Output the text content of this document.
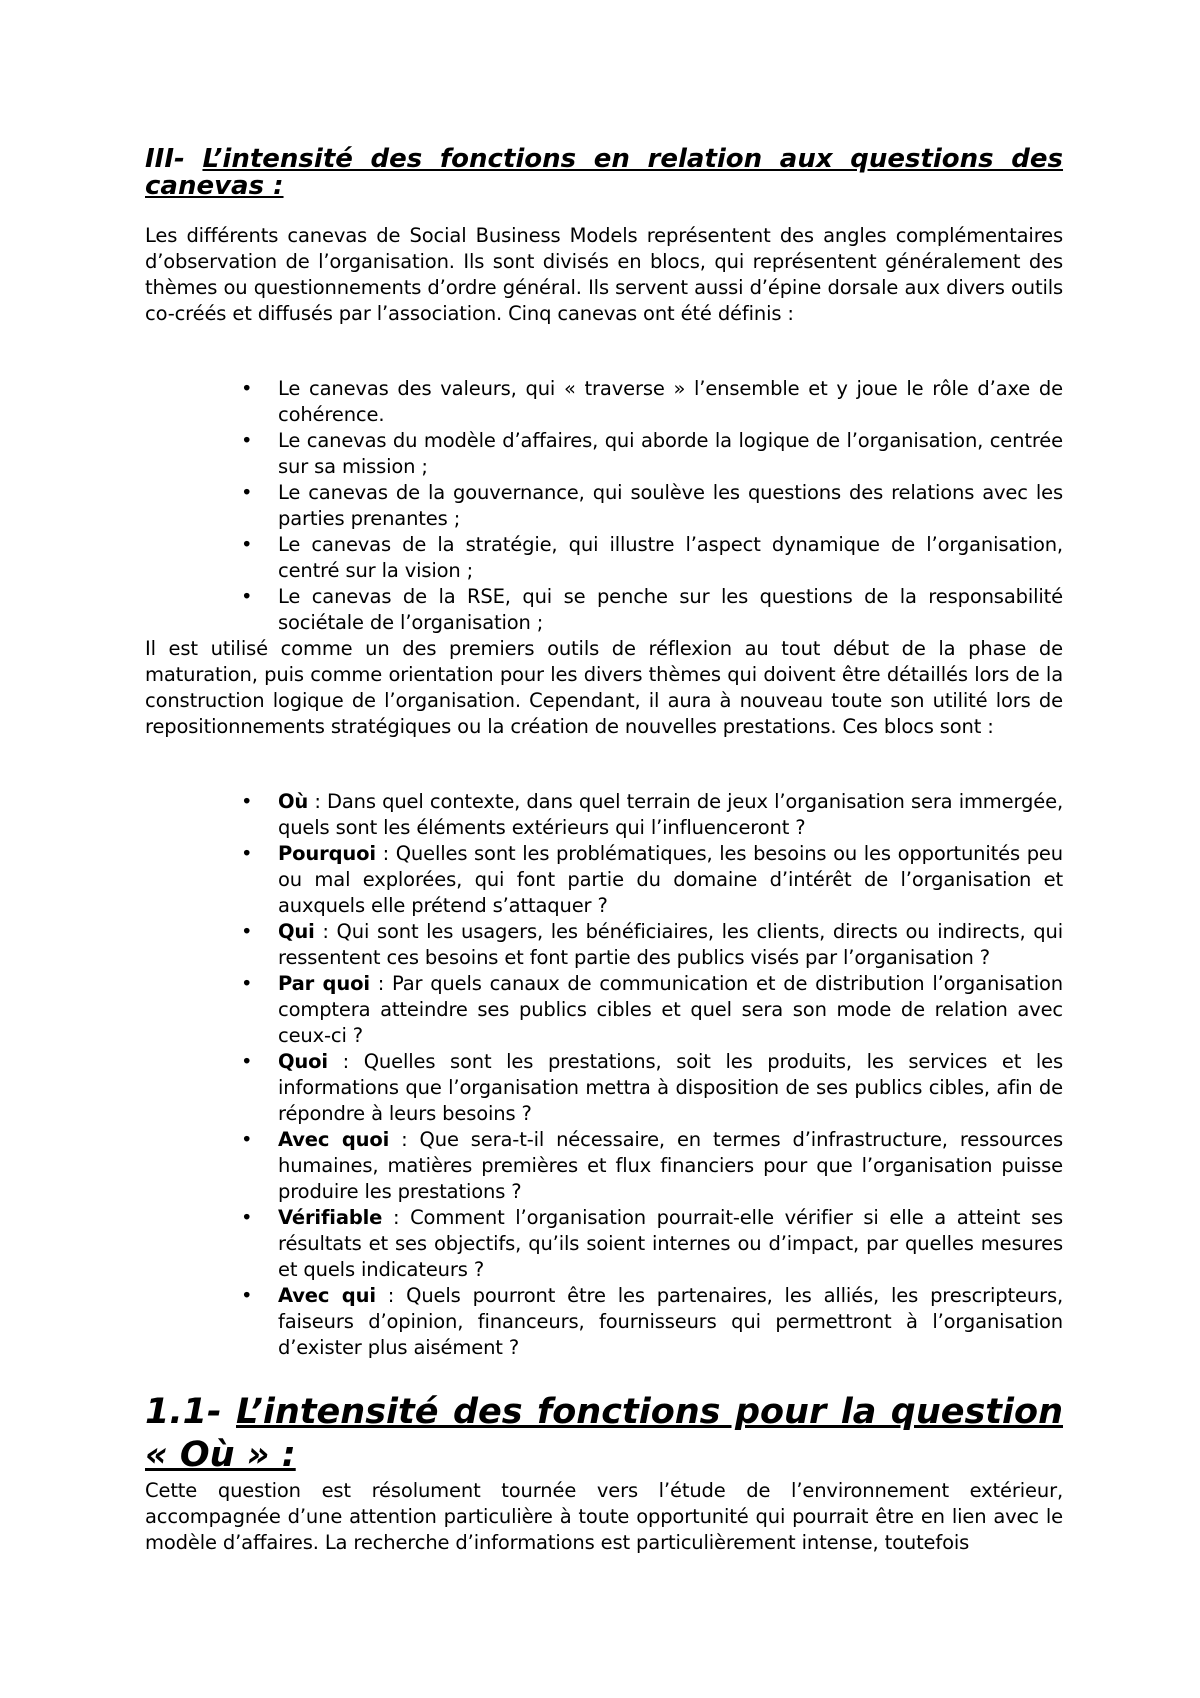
III- L’intensité des fonctions en relation aux questions des canevas :

Les différents canevas de Social Business Models représentent des angles complémentaires d’observation de l’organisation. Ils sont divisés en blocs, qui représentent généralement des thèmes ou questionnements d’ordre général. Ils servent aussi d’épine dorsale aux divers outils co-créés et diffusés par l’association. Cinq canevas ont été définis :

• Le canevas des valeurs, qui « traverse » l’ensemble et y joue le rôle d’axe de cohérence.
• Le canevas du modèle d’affaires, qui aborde la logique de l’organisation, centrée sur sa mission ;
• Le canevas de la gouvernance, qui soulève les questions des relations avec les parties prenantes ;
• Le canevas de la stratégie, qui illustre l’aspect dynamique de l’organisation, centré sur la vision ;
• Le canevas de la RSE, qui se penche sur les questions de la responsabilité sociétale de l’organisation ;

Il est utilisé comme un des premiers outils de réflexion au tout début de la phase de maturation, puis comme orientation pour les divers thèmes qui doivent être détaillés lors de la construction logique de l’organisation. Cependant, il aura à nouveau toute son utilité lors de repositionnements stratégiques ou la création de nouvelles prestations. Ces blocs sont :

• Où : Dans quel contexte, dans quel terrain de jeux l’organisation sera immergée, quels sont les éléments extérieurs qui l’influenceront ?
• Pourquoi : Quelles sont les problématiques, les besoins ou les opportunités peu ou mal explorées, qui font partie du domaine d’intérêt de l’organisation et auxquels elle prétend s’attaquer ?
• Qui : Qui sont les usagers, les bénéficiaires, les clients, directs ou indirects, qui ressentent ces besoins et font partie des publics visés par l’organisation ?
• Par quoi : Par quels canaux de communication et de distribution l’organisation comptera atteindre ses publics cibles et quel sera son mode de relation avec ceux-ci ?
• Quoi : Quelles sont les prestations, soit les produits, les services et les informations que l’organisation mettra à disposition de ses publics cibles, afin de répondre à leurs besoins ?
• Avec quoi : Que sera-t-il nécessaire, en termes d’infrastructure, ressources humaines, matières premières et flux financiers pour que l’organisation puisse produire les prestations ?
• Vérifiable : Comment l’organisation pourrait-elle vérifier si elle a atteint ses résultats et ses objectifs, qu’ils soient internes ou d’impact, par quelles mesures et quels indicateurs ?
• Avec qui : Quels pourront être les partenaires, les alliés, les prescripteurs, faiseurs d’opinion, financeurs, fournisseurs qui permettront à l’organisation d’exister plus aisément ?
1.1- L’intensité des fonctions pour la question « Où » :

Cette question est résolument tournée vers l’étude de l’environnement extérieur, accompagnée d’une attention particulière à toute opportunité qui pourrait être en lien avec le modèle d’affaires. La recherche d’informations est particulièrement intense, toutefois
